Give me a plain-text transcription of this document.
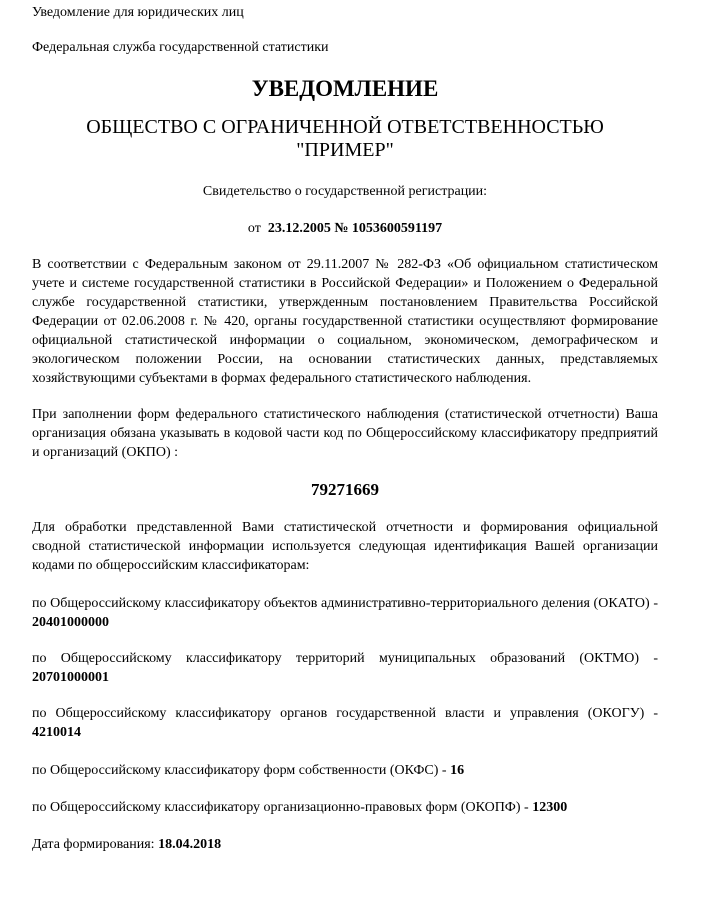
Уведомление для юридических лиц

Федеральная служба государственной статистики

УВЕДОМЛЕНИЕ
ОБЩЕСТВО С ОГРАНИЧЕННОЙ ОТВЕТСТВЕННОСТЬЮ
"ПРИМЕР"

Свидетельство о государственной регистрации:

от 23.12.2005 № 1053600591197

В соответствии с Федеральным законом от 29.11.2007 № 282-ФЗ «Об официальном статистическом учете и системе государственной статистики в Российской Федерации» и Положением о Федеральной службе государственной статистики, утвержденным постановлением Правительства Российской Федерации от 02.06.2008 г. № 420, органы государственной статистики осуществляют формирование официальной статистической информации о социальном, экономическом, демографическом и экологическом положении России, на основании статистических данных, представляемых хозяйствующими субъектами в формах федерального статистического наблюдения.

При заполнении форм федерального статистического наблюдения (статистической отчетности) Ваша организация обязана указывать в кодовой части код по Общероссийскому классификатору предприятий и организаций (ОКПО) :

79271669

Для обработки представленной Вами статистической отчетности и формирования официальной сводной статистической информации используется следующая идентификация Вашей организации кодами по общероссийским классификаторам:

по Общероссийскому классификатору объектов административно-территориального деления (ОКАТО) - 20401000000

по Общероссийскому классификатору территорий муниципальных образований (ОКТМО) - 20701000001

по Общероссийскому классификатору органов государственной власти и управления (ОКОГУ) - 4210014

по Общероссийскому классификатору форм собственности (ОКФС) - 16

по Общероссийскому классификатору организационно-правовых форм (ОКОПФ) - 12300

Дата формирования: 18.04.2018
